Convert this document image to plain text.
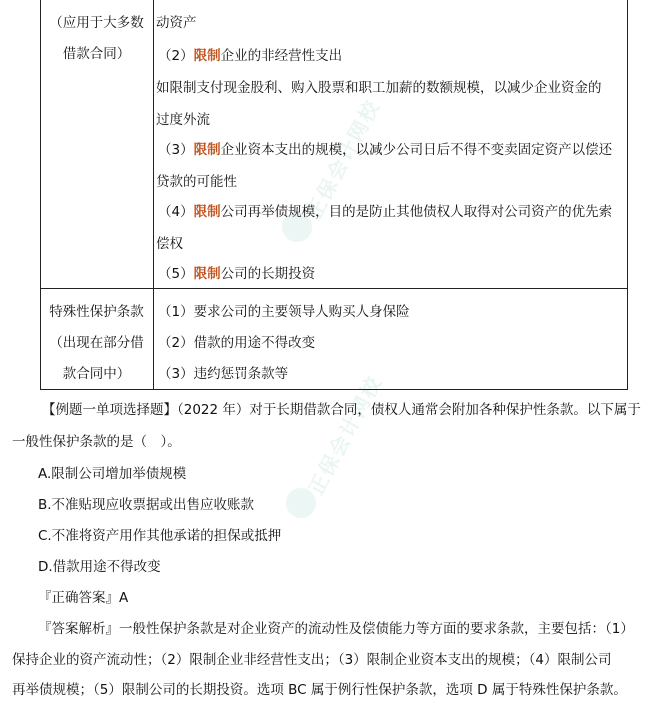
正保会计网校
正保会计网校
（应用于大多数
借款合同）
动资产
（2）限制企业的非经营性支出
如限制支付现金股利、购入股票和职工加薪的数额规模，以减少企业资金的
过度外流
（3）限制企业资本支出的规模，以减少公司日后不得不变卖固定资产以偿还
贷款的可能性
（4）限制公司再举债规模，目的是防止其他债权人取得对公司资产的优先索
偿权
（5）限制公司的长期投资
特殊性保护条款
（出现在部分借
款合同中）
（1）要求公司的主要领导人购买人身保险
（2）借款的用途不得改变
（3）违约惩罚条款等
【例题一单项选择题】（2022 年）对于长期借款合同，债权人通常会附加各种保护性条款。以下属于
一般性保护条款的是（　）。
A.限制公司增加举债规模
B.不准贴现应收票据或出售应收账款
C.不准将资产用作其他承诺的担保或抵押
D.借款用途不得改变
『正确答案』A
『答案解析』一般性保护条款是对企业资产的流动性及偿债能力等方面的要求条款，主要包括：（1）
保持企业的资产流动性；（2）限制企业非经营性支出；（3）限制企业资本支出的规模；（4）限制公司
再举债规模；（5）限制公司的长期投资。选项 BC 属于例行性保护条款，选项 D 属于特殊性保护条款。
